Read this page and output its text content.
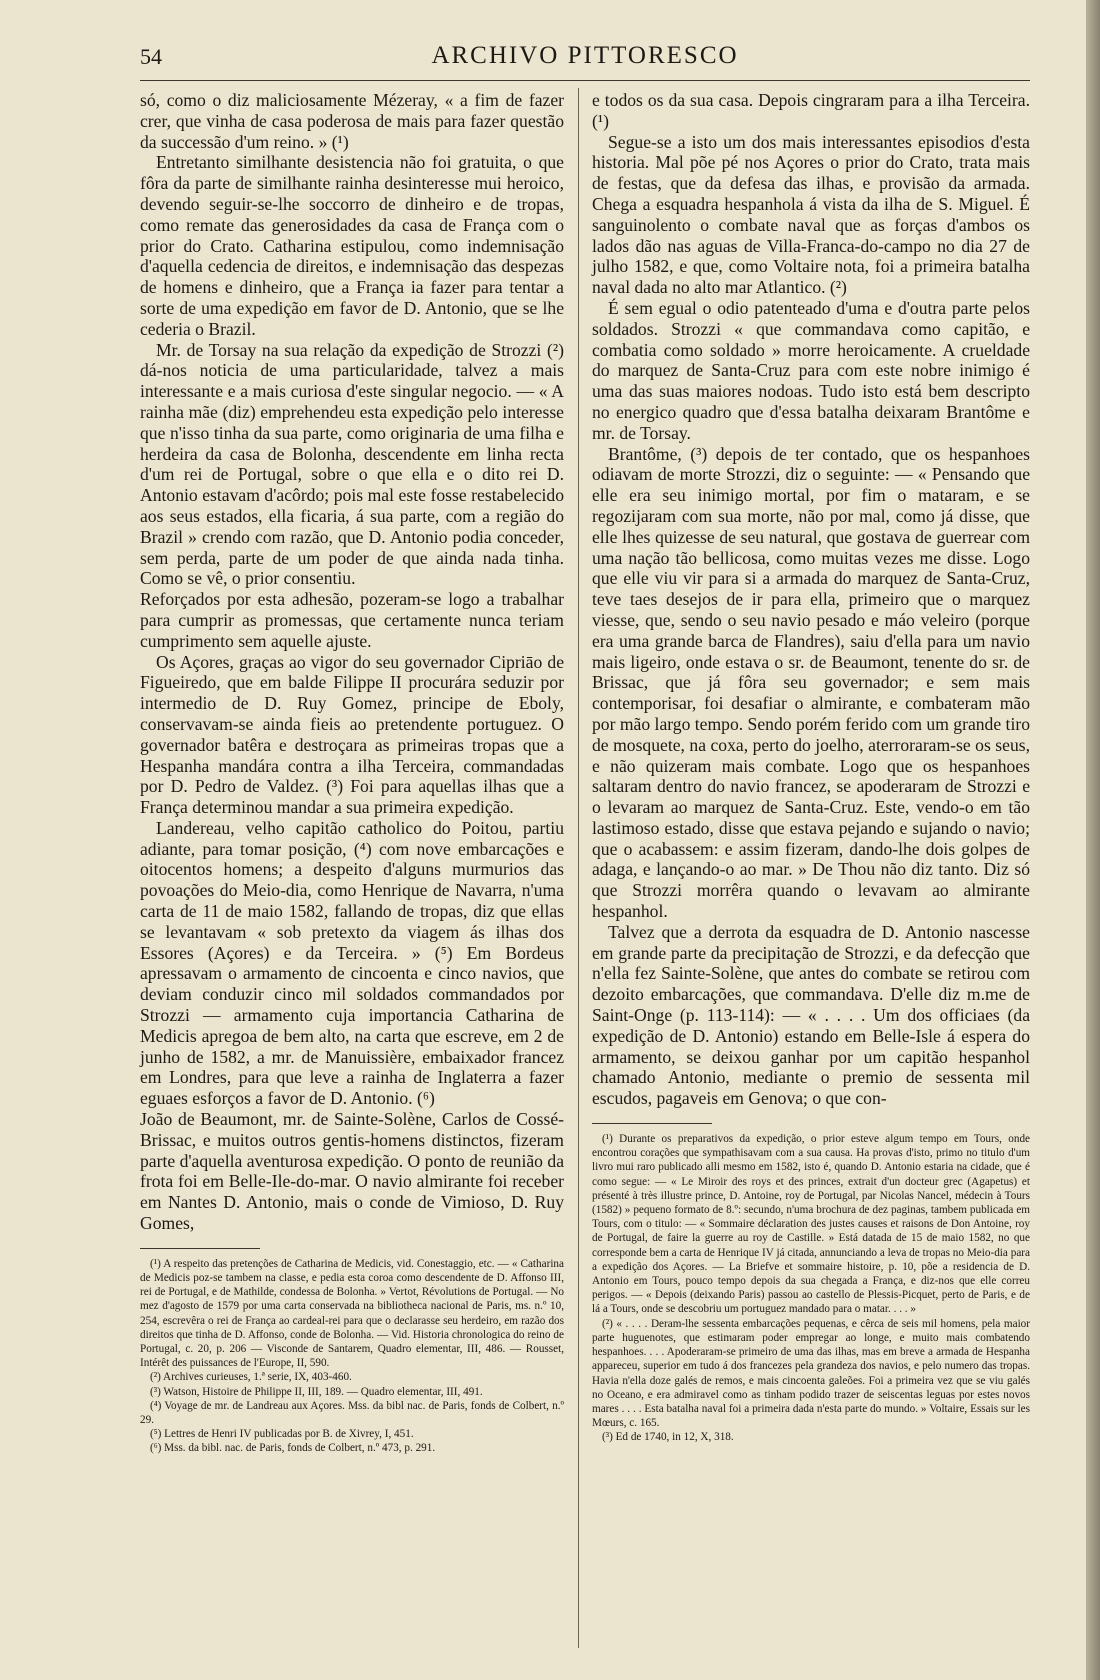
54	ARCHIVO PITTORESCO

só, como o diz maliciosamente Mézeray, « a fim de fazer crer, que vinha de casa poderosa de mais para fazer questão da successão d'um reino. » (¹)

Entretanto similhante desistencia não foi gratuita, o que fôra da parte de similhante rainha desinteresse mui heroico, devendo seguir-se-lhe soccorro de dinheiro e de tropas, como remate das generosidades da casa de França com o prior do Crato. Catharina estipulou, como indemnisação d'aquella cedencia de direitos, e indemnisação das despezas de homens e dinheiro, que a França ia fazer para tentar a sorte de uma expedição em favor de D. Antonio, que se lhe cederia o Brazil.

Mr. de Torsay na sua relação da expedição de Strozzi (²) dá-nos noticia de uma particularidade, talvez a mais interessante e a mais curiosa d'este singular negocio. — « A rainha mãe (diz) emprehendeu esta expedição pelo interesse que n'isso tinha da sua parte, como originaria de uma filha e herdeira da casa de Bolonha, descendente em linha recta d'um rei de Portugal, sobre o que ella e o dito rei D. Antonio estavam d'acôrdo; pois mal este fosse restabelecido aos seus estados, ella ficaria, á sua parte, com a região do Brazil » crendo com razão, que D. Antonio podia conceder, sem perda, parte de um poder de que ainda nada tinha. Como se vê, o prior consentiu.

Reforçados por esta adhesão, pozeram-se logo a trabalhar para cumprir as promessas, que certamente nunca teriam cumprimento sem aquelle ajuste.

Os Açores, graças ao vigor do seu governador Cipriāo de Figueiredo, que em balde Filippe II procurára seduzir por intermedio de D. Ruy Gomez, principe de Eboly, conservavam-se ainda fieis ao pretendente portuguez. O governador batêra e destroçara as primeiras tropas que a Hespanha mandára contra a ilha Terceira, commandadas por D. Pedro de Valdez. (³) Foi para aquellas ilhas que a França determinou mandar a sua primeira expedição.

Landereau, velho capitão catholico do Poitou, partiu adiante, para tomar posição, (⁴) com nove embarcações e oitocentos homens; a despeito d'alguns murmurios das povoações do Meio-dia, como Henrique de Navarra, n'uma carta de 11 de maio 1582, fallando de tropas, diz que ellas se levantavam « sob pretexto da viagem ás ilhas dos Essores (Açores) e da Terceira. » (⁵) Em Bordeus apressavam o armamento de cincoenta e cinco navios, que deviam conduzir cinco mil soldados commandados por Strozzi — armamento cuja importancia Catharina de Medicis apregoa de bem alto, na carta que escreve, em 2 de junho de 1582, a mr. de Manuissière, embaixador francez em Londres, para que leve a rainha de Inglaterra a fazer eguaes esforços a favor de D. Antonio. (⁶)

João de Beaumont, mr. de Sainte-Solène, Carlos de Cossé-Brissac, e muitos outros gentis-homens distinctos, fizeram parte d'aquella aventurosa expedição. O ponto de reunião da frota foi em Belle-Ile-do-mar. O navio almirante foi receber em Nantes D. Antonio, mais o conde de Vimioso, D. Ruy Gomes,

(¹) A respeito das pretenções de Catharina de Medicis, vid. Conestaggio, etc. — « Catharina de Medicis poz-se tambem na classe, e pedia esta coroa como descendente de D. Affonso III, rei de Portugal, e de Mathilde, condessa de Bolonha. » Vertot, Révolutions de Portugal. — No mez d'agosto de 1579 por uma carta conservada na bibliotheca nacional de Paris, ms. n.º 10, 254, escrevêra o rei de França ao cardeal-rei para que o declarasse seu herdeiro, em razão dos direitos que tinha de D. Affonso, conde de Bolonha. — Vid. Historia chronologica do reino de Portugal, c. 20, p. 206 — Visconde de Santarem, Quadro elementar, III, 486. — Rousset, Intérêt des puissances de l'Europe, II, 590.

(²) Archives curieuses, 1.ª serie, IX, 403-460.

(³) Watson, Histoire de Philippe II, III, 189. — Quadro elementar, III, 491.

(⁴) Voyage de mr. de Landreau aux Açores. Mss. da bibl nac. de Paris, fonds de Colbert, n.º 29.

(⁵) Lettres de Henri IV publicadas por B. de Xivrey, I, 451.

(⁶) Mss. da bibl. nac. de Paris, fonds de Colbert, n.º 473, p. 291.

e todos os da sua casa. Depois cingraram para a ilha Terceira. (¹)

Segue-se a isto um dos mais interessantes episodios d'esta historia. Mal põe pé nos Açores o prior do Crato, trata mais de festas, que da defesa das ilhas, e provisão da armada. Chega a esquadra hespanhola á vista da ilha de S. Miguel. É sanguinolento o combate naval que as forças d'ambos os lados dão nas aguas de Villa-Franca-do-campo no dia 27 de julho 1582, e que, como Voltaire nota, foi a primeira batalha naval dada no alto mar Atlantico. (²)

É sem egual o odio patenteado d'uma e d'outra parte pelos soldados. Strozzi « que commandava como capitão, e combatia como soldado » morre heroicamente. A crueldade do marquez de Santa-Cruz para com este nobre inimigo é uma das suas maiores nodoas. Tudo isto está bem descripto no energico quadro que d'essa batalha deixaram Brantôme e mr. de Torsay.

Brantôme, (³) depois de ter contado, que os hespanhoes odiavam de morte Strozzi, diz o seguinte: — « Pensando que elle era seu inimigo mortal, por fim o mataram, e se regozijaram com sua morte, não por mal, como já disse, que elle lhes quizesse de seu natural, que gostava de guerrear com uma nação tão bellicosa, como muitas vezes me disse. Logo que elle viu vir para si a armada do marquez de Santa-Cruz, teve taes desejos de ir para ella, primeiro que o marquez viesse, que, sendo o seu navio pesado e máo veleiro (porque era uma grande barca de Flandres), saiu d'ella para um navio mais ligeiro, onde estava o sr. de Beaumont, tenente do sr. de Brissac, que já fôra seu governador; e sem mais contemporisar, foi desafiar o almirante, e combateram mão por mão largo tempo. Sendo porém ferido com um grande tiro de mosquete, na coxa, perto do joelho, aterroraram-se os seus, e não quizeram mais combate. Logo que os hespanhoes saltaram dentro do navio francez, se apoderaram de Strozzi e o levaram ao marquez de Santa-Cruz. Este, vendo-o em tão lastimoso estado, disse que estava pejando e sujando o navio; que o acabassem: e assim fizeram, dando-lhe dois golpes de adaga, e lançando-o ao mar. » De Thou não diz tanto. Diz só que Strozzi morrêra quando o levavam ao almirante hespanhol.

Talvez que a derrota da esquadra de D. Antonio nascesse em grande parte da precipitação de Strozzi, e da defecção que n'ella fez Sainte-Solène, que antes do combate se retirou com dezoito embarcações, que commandava. D'elle diz m.me de Saint-Onge (p. 113-114): — « . . . . Um dos officiaes (da expedição de D. Antonio) estando em Belle-Isle á espera do armamento, se deixou ganhar por um capitão hespanhol chamado Antonio, mediante o premio de sessenta mil escudos, pagaveis em Genova; o que con-

(¹) Durante os preparativos da expedição, o prior esteve algum tempo em Tours, onde encontrou corações que sympathisavam com a sua causa. Ha provas d'isto, primo no titulo d'um livro mui raro publicado alli mesmo em 1582, isto é, quando D. Antonio estaria na cidade, que é como segue: — « Le Miroir des roys et des princes, extrait d'un docteur grec (Agapetus) et présenté à très illustre prince, D. Antoine, roy de Portugal, par Nicolas Nancel, médecin à Tours (1582) » pequeno formato de 8.º: secundo, n'uma brochura de dez paginas, tambem publicada em Tours, com o titulo: — « Sommaire déclaration des justes causes et raisons de Don Antoine, roy de Portugal, de faire la guerre au roy de Castille. » Está datada de 15 de maio 1582, no que corresponde bem a carta de Henrique IV já citada, annunciando a leva de tropas no Meio-dia para a expedição dos Açores. — La Briefve et sommaire histoire, p. 10, põe a residencia de D. Antonio em Tours, pouco tempo depois da sua chegada a França, e diz-nos que elle correu perigos. — « Depois (deixando Paris) passou ao castello de Plessis-Picquet, perto de Paris, e de lá a Tours, onde se descobriu um portuguez mandado para o matar. . . . »

(²) « . . . . Deram-lhe sessenta embarcações pequenas, e cêrca de seis mil homens, pela maior parte huguenotes, que estimaram poder empregar ao longe, e muito mais combatendo hespanhoes. . . . Apoderaram-se primeiro de uma das ilhas, mas em breve a armada de Hespanha appareceu, superior em tudo á dos francezes pela grandeza dos navios, e pelo numero das tropas. Havia n'ella doze galés de remos, e mais cincoenta galeões. Foi a primeira vez que se viu galés no Oceano, e era admiravel como as tinham podido trazer de seiscentas leguas por estes novos mares . . . . Esta batalha naval foi a primeira dada n'esta parte do mundo. » Voltaire, Essais sur les Mœurs, c. 165.

(³) Ed de 1740, in 12, X, 318.
